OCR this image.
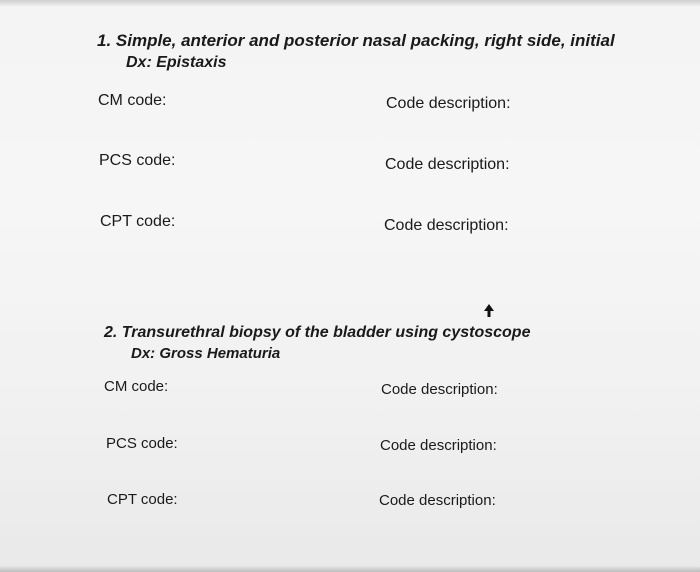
1. Simple, anterior and posterior nasal packing, right side, initial
Dx: Epistaxis
CM code:	Code description:
PCS code:	Code description:
CPT code:	Code description:
2. Transurethral biopsy of the bladder using cystoscope
Dx: Gross Hematuria
CM code:	Code description:
PCS code:	Code description:
CPT code:	Code description:
